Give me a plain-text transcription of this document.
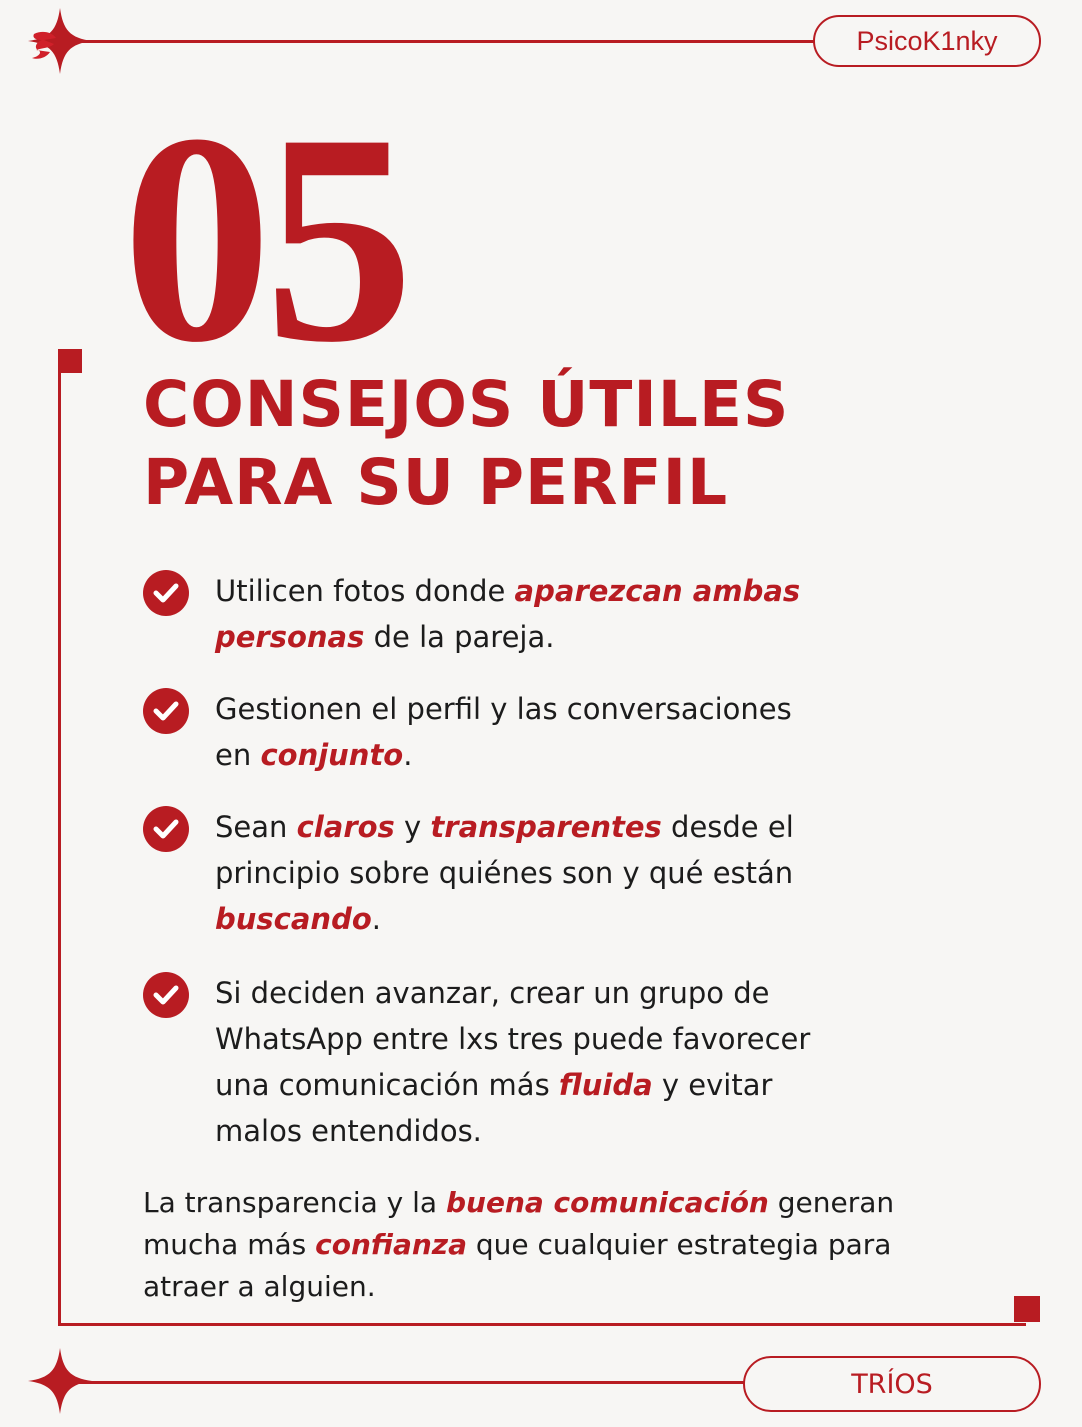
PsicoK1nky
05
CONSEJOS ÚTILES
PARA SU PERFIL
Utilicen fotos donde aparezcan ambas personas de la pareja.
Gestionen el perfil y las conversaciones en conjunto.
Sean claros y transparentes desde el principio sobre quiénes son y qué están buscando.
Si deciden avanzar, crear un grupo de WhatsApp entre lxs tres puede favorecer una comunicación más fluida y evitar malos entendidos.
La transparencia y la buena comunicación generan mucha más confianza que cualquier estrategia para atraer a alguien.
TRÍOS
